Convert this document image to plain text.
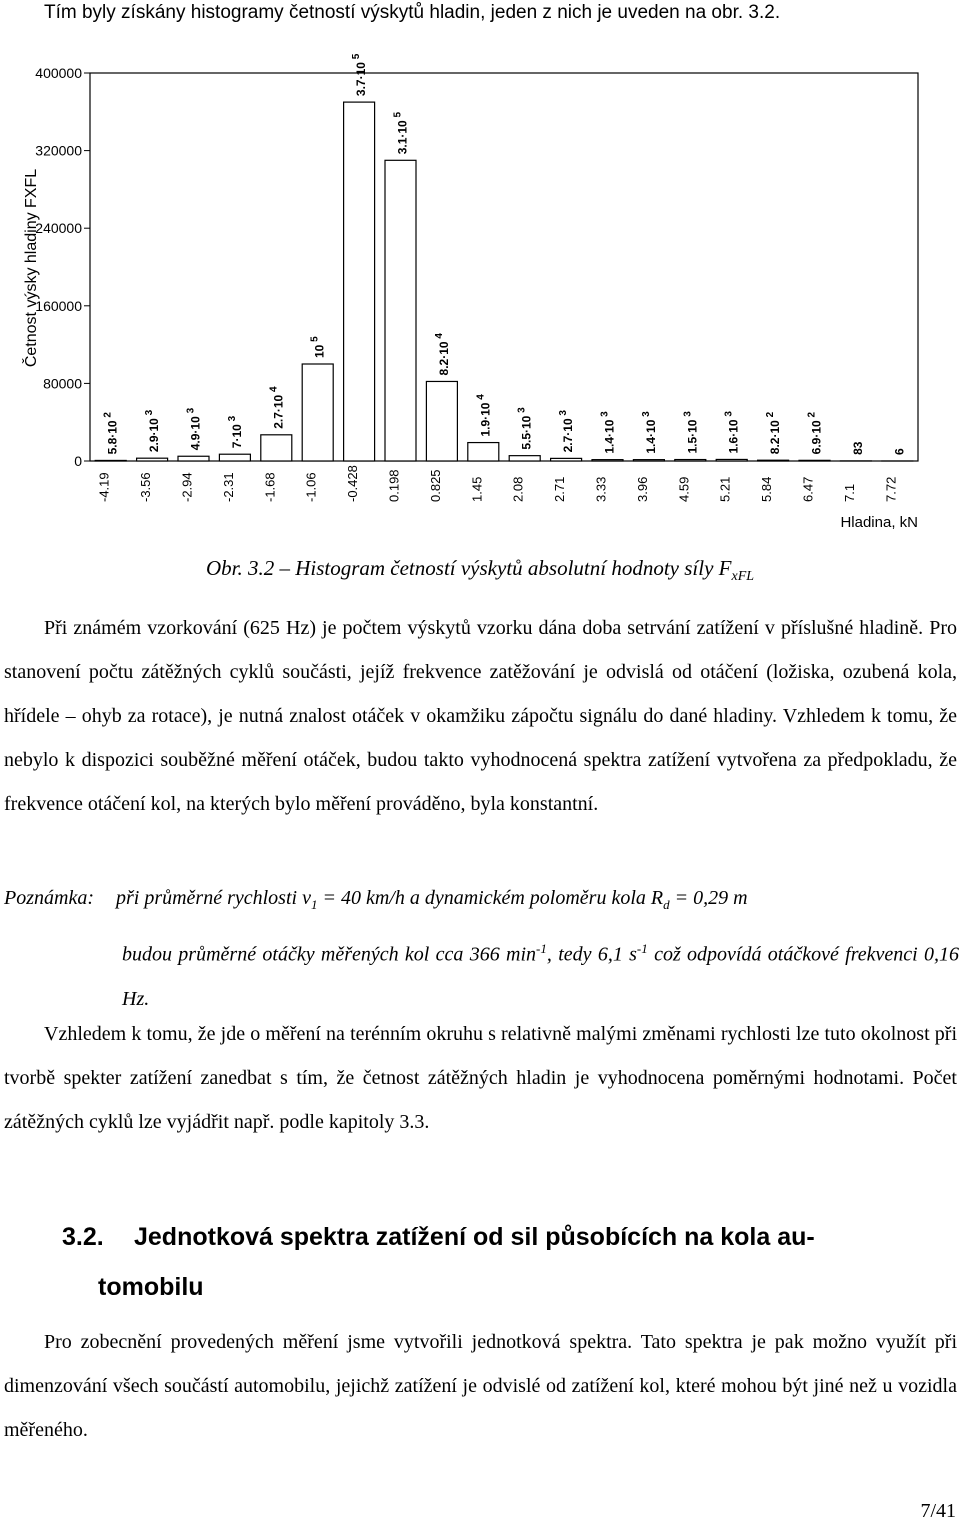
Tím byly získány histogramy četností výskytů hladin, jeden z nich je uveden na obr. 3.2.
0
80000
160000
240000
320000
400000
5.8·10 $^2$
2.9·10 $^3$
4.9·10 $^3$
7·10 $^3$	2.7·10 $^4$
10 $^5$
3.7·10 $^5$
3.1·10 $^5$
8.2·10 $^4$
1.9·10 $^4$
5.5·10 $^3$
2.7·10 $^3$
1.4·10 $^3$
1.4·10 $^3$
1.5·10 $^3$
1.6·10 $^3$
8.2·10 $^2$
6.9·10 $^2$
83 6
-4.19 -3.56 -2.94 -2.31 -1.68 -1.06 -0.428 0.198 0.825 1.45 2.08 2.71 3.33 3.96 4.59 5.21 5.84 6.47 7.1 7.72
Četnost výsky hladiny FXFL
Hladina, kN
Obr. 3.2 – Histogram četností výskytů absolutní hodnoty síly $F_{xFL}$

Při známém vzorkování (625 Hz) je počtem výskytů vzorku dána doba setrvání zatížení v příslušné hladině. Pro stanovení počtu zátěžných cyklů součásti, jejíž frekvence zatěžování je odvislá od otáčení (ložiska, ozubená kola, hřídele – ohyb za rotace), je nutná znalost otáček v okamžiku zápočtu signálu do dané hladiny. Vzhledem k tomu, že nebylo k dispozici souběžné měření otáček, budou takto vyhodnocená spektra zatížení vytvořena za předpokladu, že frekvence otáčení kol, na kterých bylo měření prováděno, byla konstantní.

Poznámka: při průměrné rychlosti $v_1 = 40$ km/h a dynamickém poloměru kola $R_d = 0,29$ m
budou průměrné otáčky měřených kol cca 366 $\min^{-1}$, tedy 6,1 $s^{-1}$ což odpovídá otáčkové frekvenci 0,16 Hz.

Vzhledem k tomu, že jde o měření na terénním okruhu s relativně malými změnami rychlosti lze tuto okolnost při tvorbě spekter zatížení zanedbat s tím, že četnost zátěžných hladin je vyhodnocena poměrnými hodnotami. Počet zátěžných cyklů lze vyjádřit např. podle kapitoly 3.3.

3.2. Jednotková spektra zatížení od sil působících na kola au-
tomobilu

Pro zobecnění provedených měření jsme vytvořili jednotková spektra. Tato spektra je pak možno využít při dimenzování všech součástí automobilu, jejichž zatížení je odvislé od zatížení kol, které mohou být jiné než u vozidla měřeného.

7/41
